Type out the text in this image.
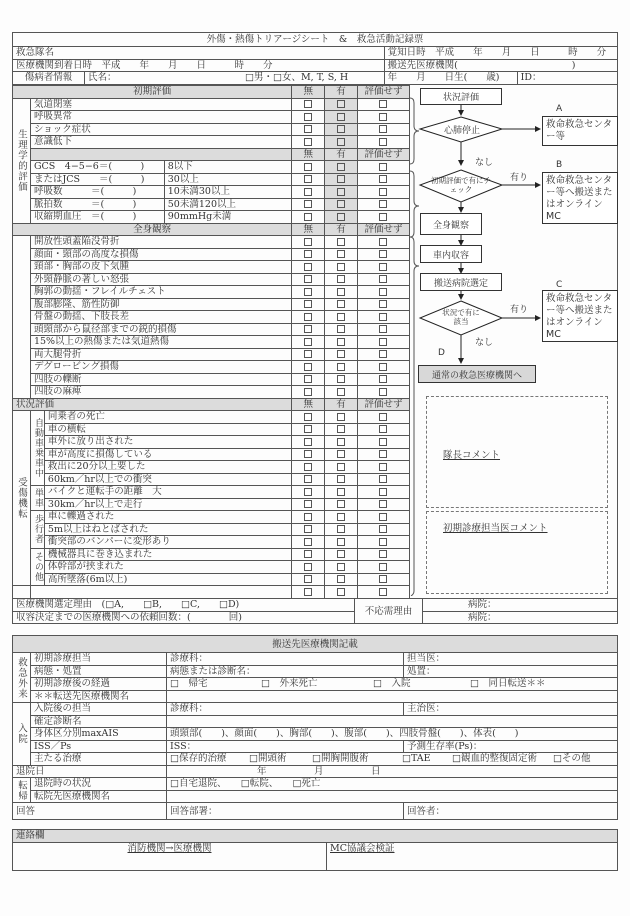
外傷・熱傷トリアージシート　&　救急活動記録票			
救急隊名		覚知日時　平成　　年　　月　　日　　　時　　分	
医療機関到着日時　平成　　年　　月　　日　　　時　　分		搬送先医療機関(　　　　　　　　　　　　)	
傷病者情報	氏名： □男・□女、M, T, S, H	年　　月　　日生(　　歳)	ID：
初期評価				無	有	評価せず
生理学的評価	気道閉塞					
	呼吸異常					
	ショック症状					
	意識低下					
				無	有	評価せず
	GCS　4−5−6＝(　　　)		8以下			
	またはJCS　　＝(　　　)		30以上			
	呼吸数　　　＝(　　　)		10未満30以上			
	脈拍数　　　＝(　　　)		50未満120以上			
	収縮期血圧　＝(　　　)		90mmHg未満			
全身観察				無	有	評価せず
	開放性頭蓋陥没骨折					
	顔面・頸部の高度な損傷					
	頸部・胸部の皮下気腫					
	外頸静脈の著しい怒張					
	胸郭の動揺・フレイルチェスト					
	腹部膨隆、筋性防御					
	骨盤の動揺、下肢長差					
	頭頸部から鼠径部までの鋭的損傷					
	15%以上の熱傷または気道熱傷					
	両大腿骨折					
	デグロービング損傷					
	四肢の轢断					
	四肢の麻痺					
状況評価				無	有	評価せず
受傷機転	自動車乗車中	同乗者の死亡				
		車の横転				
		車外に放り出された				
		車が高度に損傷している				
		救出に20分以上要した				
		60km／hr以上での衝突				
	単車	バイクと運転手の距離　大				
		30km／hr以上で走行				
	歩行者	車に轢過された				
		5m以上はねとばされた				
		衝突部のバンパーに変形あり				
	その他	機械器具に巻き込まれた				
		体幹部が挟まれた				
		高所墜落(6m以上)				

医療機関選定理由　(□A,　　□B,　　□C,　　□D)	不応需理由	病院：
収容決定までの医療機関への依頼回数：(　　　　回)		病院：
状況評価
心肺停止
A
救命救急センター等
なし
初期評価で有にチェック
有り
B
救命救急センター等へ搬送またはオンラインMC
全身観察
車内収容
搬送病院選定
状況で有に該当
有り
C
救命救急センター等へ搬送またはオンラインMC
なし
D
通常の救急医療機関へ
隊長コメント
初期診療担当医コメント
搬送先医療機関記載			
救急外来	初期診療担当	診療科：	担当医：
	病態・処置	病態または診断名：	処置：
	初期診療後の経過	□　帰宅 □　外来死亡 □　入院 □　同日転送＊＊	

	＊＊転送先医療機関名		
入院	入院後の担当	診療科：	主治医：
	確定診断名		
	身体区分別maxAIS	頭頸部(　　)、顔面(　　)、胸部(　　)、腹部(　　)、四肢骨盤(　　)、体表(　　)	
	ISS／Ps	ISS：	予測生存率(Ps)：
主たる治療	□保存的治療 □開頭術	□開胸開腹術	□TAE □観血的整復固定術 □その他

退院日		年　　　　　月　　　　　日	
転帰	退院時の状況	□自宅退院、　　□転院、　　□死亡	
	転院先医療機関名		
回答		回答部署：	回答者：
連絡欄
消防機関→医療機関	MC協議会検証
